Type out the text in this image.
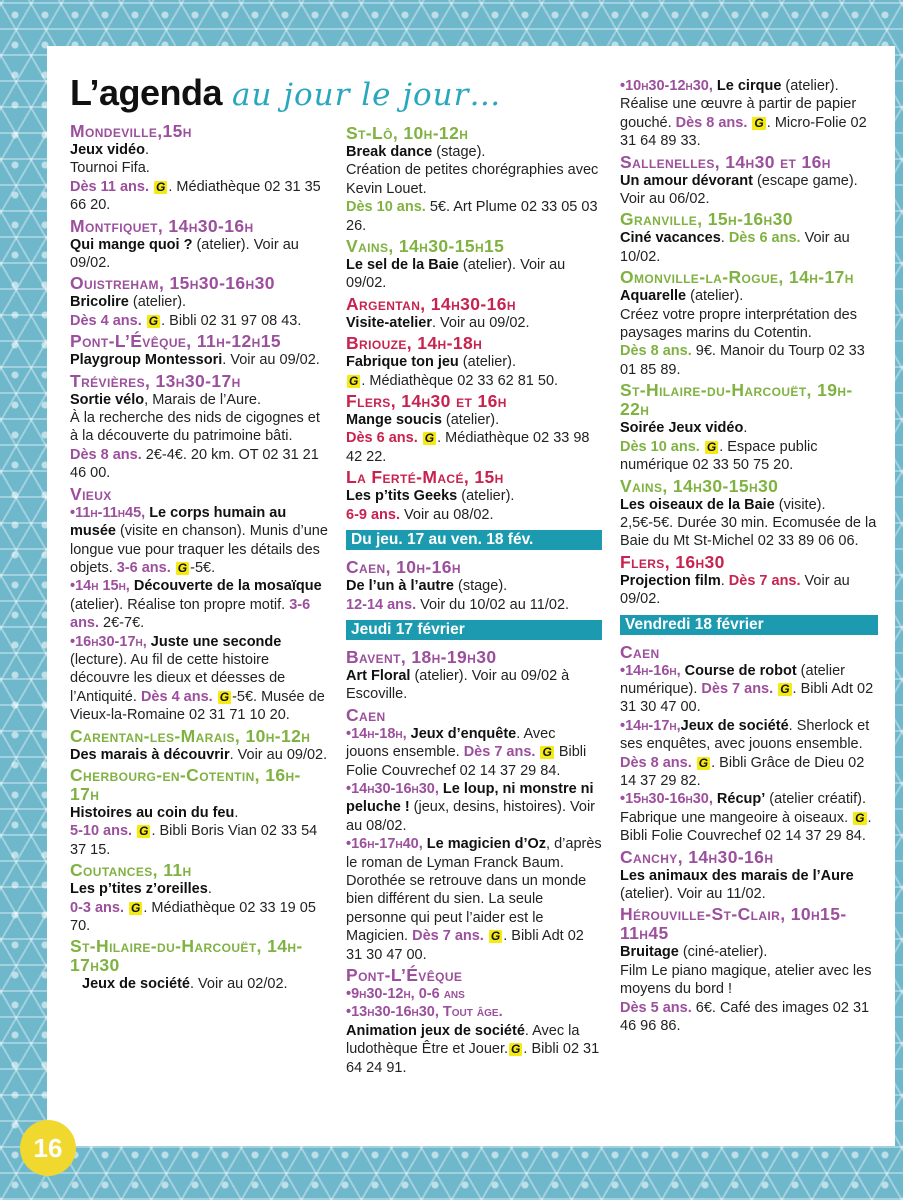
L’agenda au jour le jour…

Mondeville,15h

Jeux vidéo.

Tournoi Fifa.

Dès 11 ans. G . Médiathèque 02 31 35 66 20.

Montfiquet, 14h30-16h

Qui mange quoi ? (atelier). Voir au 09/02.

Ouistreham, 15h30-16h30

Bricolire (atelier).

Dès 4 ans. G . Bibli 02 31 97 08 43.

Pont-L’Évêque, 11h-12h15

Playgroup Montessori. Voir au 09/02.

Trévières, 13h30-17h

Sortie vélo, Marais de l’Aure.

À la recherche des nids de cigognes et à la découverte du patrimoine bâti.

Dès 8 ans. 2€-4€. 20 km. OT 02 31 21 46 00.

Vieux

•11h-11h45, Le corps humain au musée (visite en chanson). Munis d’une longue vue pour traquer les détails des objets. 3-6 ans. G -5€.

•14h 15h, Découverte de la mosaïque (atelier). Réalise ton propre motif. 3-6 ans. 2€-7€.

•16h30-17h, Juste une seconde (lecture). Au fil de cette histoire découvre les dieux et déesses de l’Antiquité. Dès 4 ans. G -5€. Musée de Vieux-la-Romaine 02 31 71 10 20.

Carentan-les-Marais, 10h-12h

Des marais à découvrir. Voir au 09/02.

Cherbourg-en-Cotentin, 16h-17h

Histoires au coin du feu.

5-10 ans. G . Bibli Boris Vian 02 33 54 37 15.

Coutances, 11h

Les p’tites z’oreilles.

0-3 ans. G . Médiathèque 02 33 19 05 70.

St-Hilaire-du-Harcouët, 14h-17h30

Jeux de société. Voir au 02/02.

St-Lô, 10h-12h

Break dance (stage).

Création de petites chorégraphies avec Kevin Louet.

Dès 10 ans. 5€. Art Plume 02 33 05 03 26.

Vains, 14h30-15h15

Le sel de la Baie (atelier). Voir au 09/02.

Argentan, 14h30-16h

Visite-atelier. Voir au 09/02.

Briouze, 14h-18h

Fabrique ton jeu (atelier).

G . Médiathèque 02 33 62 81 50.

Flers, 14h30 et 16h

Mange soucis (atelier).

Dès 6 ans. G . Médiathèque 02 33 98 42 22.

La Ferté-Macé, 15h

Les p’tits Geeks (atelier).

6-9 ans. Voir au 08/02.

Du jeu. 17 au ven. 18 fév.

Caen, 10h-16h

De l’un à l’autre (stage).

12-14 ans. Voir du 10/02 au 11/02.

Jeudi 17 février

Bavent, 18h-19h30

Art Floral (atelier). Voir au 09/02 à Escoville.

Caen

•14h-18h, Jeux d’enquête. Avec jouons ensemble. Dès 7 ans. G Bibli Folie Couvrechef 02 14 37 29 84.

•14h30-16h30, Le loup, ni monstre ni peluche ! (jeux, desins, histoires). Voir au 08/02.

•16h-17h40, Le magicien d’Oz, d’après le roman de Lyman Franck Baum. Dorothée se retrouve dans un monde bien différent du sien. La seule personne qui peut l’aider est le Magicien. Dès 7 ans. G . Bibli Adt 02 31 30 47 00.

Pont-L’Évêque

•9h30-12h, 0-6 ans

•13h30-16h30, Tout âge.

Animation jeux de société. Avec la ludothèque Être et Jouer. G . Bibli 02 31 64 24 91.

•10h30-12h30, Le cirque (atelier). Réalise une œuvre à partir de papier gouché. Dès 8 ans. G . Micro-Folie 02 31 64 89 33.

Sallenelles, 14h30 et 16h

Un amour dévorant (escape game). Voir au 06/02.

Granville, 15h-16h30

Ciné vacances. Dès 6 ans. Voir au 10/02.

Omonville-la-Rogue, 14h-17h

Aquarelle (atelier).

Créez votre propre interprétation des paysages marins du Cotentin.

Dès 8 ans. 9€. Manoir du Tourp 02 33 01 85 89.

St-Hilaire-du-Harcouët, 19h-22h

Soirée Jeux vidéo.

Dès 10 ans. G . Espace public numérique 02 33 50 75 20.

Vains, 14h30-15h30

Les oiseaux de la Baie (visite). 2,5€-5€. Durée 30 min. Ecomusée de la Baie du Mt St-Michel 02 33 89 06 06.

Flers, 16h30

Projection film. Dès 7 ans. Voir au 09/02.

Vendredi 18 février

Caen

•14h-16h, Course de robot (atelier numérique). Dès 7 ans. G . Bibli Adt 02 31 30 47 00.

•14h-17h,Jeux de société. Sherlock et ses enquêtes, avec jouons ensemble. Dès 8 ans. G . Bibli Grâce de Dieu 02 14 37 29 82.

•15h30-16h30, Récup’ (atelier créatif). Fabrique une mangeoire à oiseaux. G . Bibli Folie Couvrechef 02 14 37 29 84.

Canchy, 14h30-16h

Les animaux des marais de l’Aure (atelier). Voir au 11/02.

Hérouville-St-Clair, 10h15-11h45

Bruitage (ciné-atelier).

Film Le piano magique, atelier avec les moyens du bord !

Dès 5 ans. 6€. Café des images 02 31 46 96 86.

16
